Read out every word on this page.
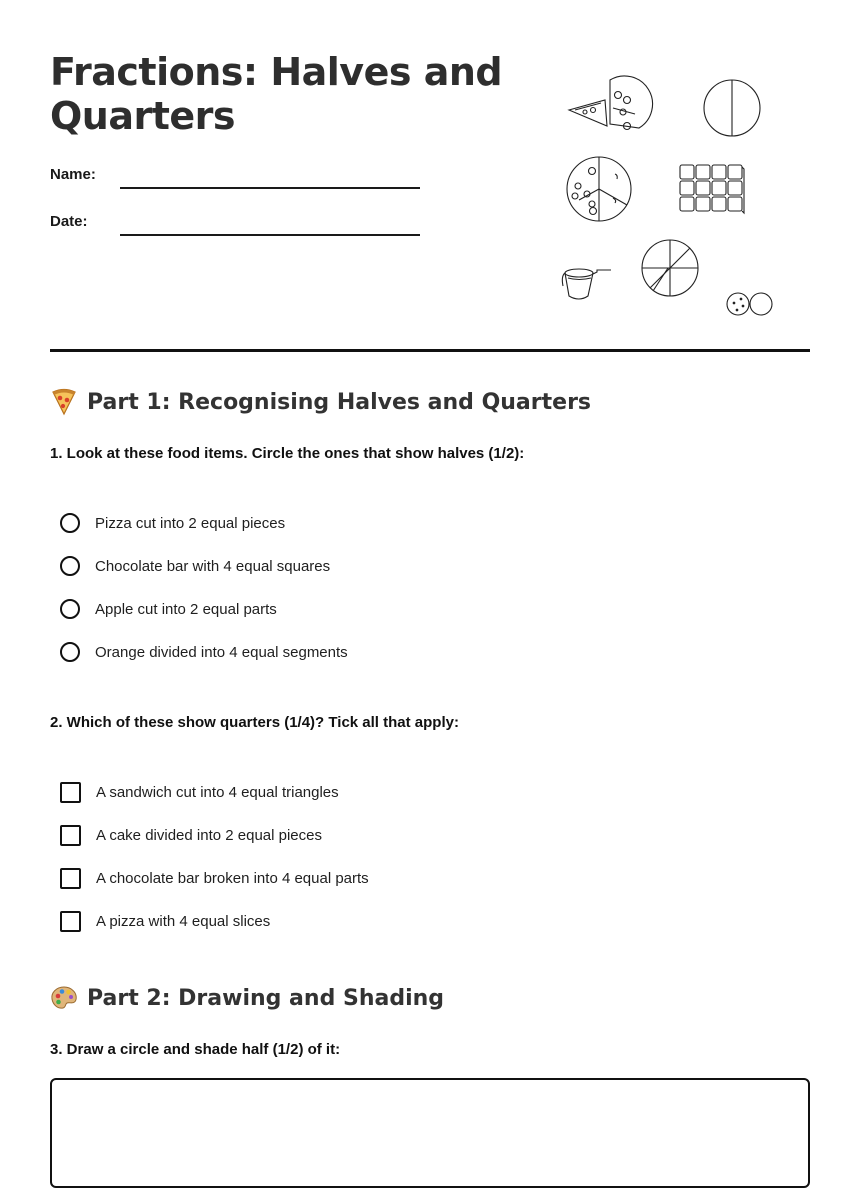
Fractions: Halves and Quarters
Name:
Date:
Part 1: Recognising Halves and Quarters

1. Look at these food items. Circle the ones that show halves (1/2):

Pizza cut into 2 equal pieces
Chocolate bar with 4 equal squares
Apple cut into 2 equal parts
Orange divided into 4 equal segments

2. Which of these show quarters (1/4)? Tick all that apply:

A sandwich cut into 4 equal triangles
A cake divided into 2 equal pieces
A chocolate bar broken into 4 equal parts
A pizza with 4 equal slices
Part 2: Drawing and Shading

3. Draw a circle and shade half (1/2) of it:
